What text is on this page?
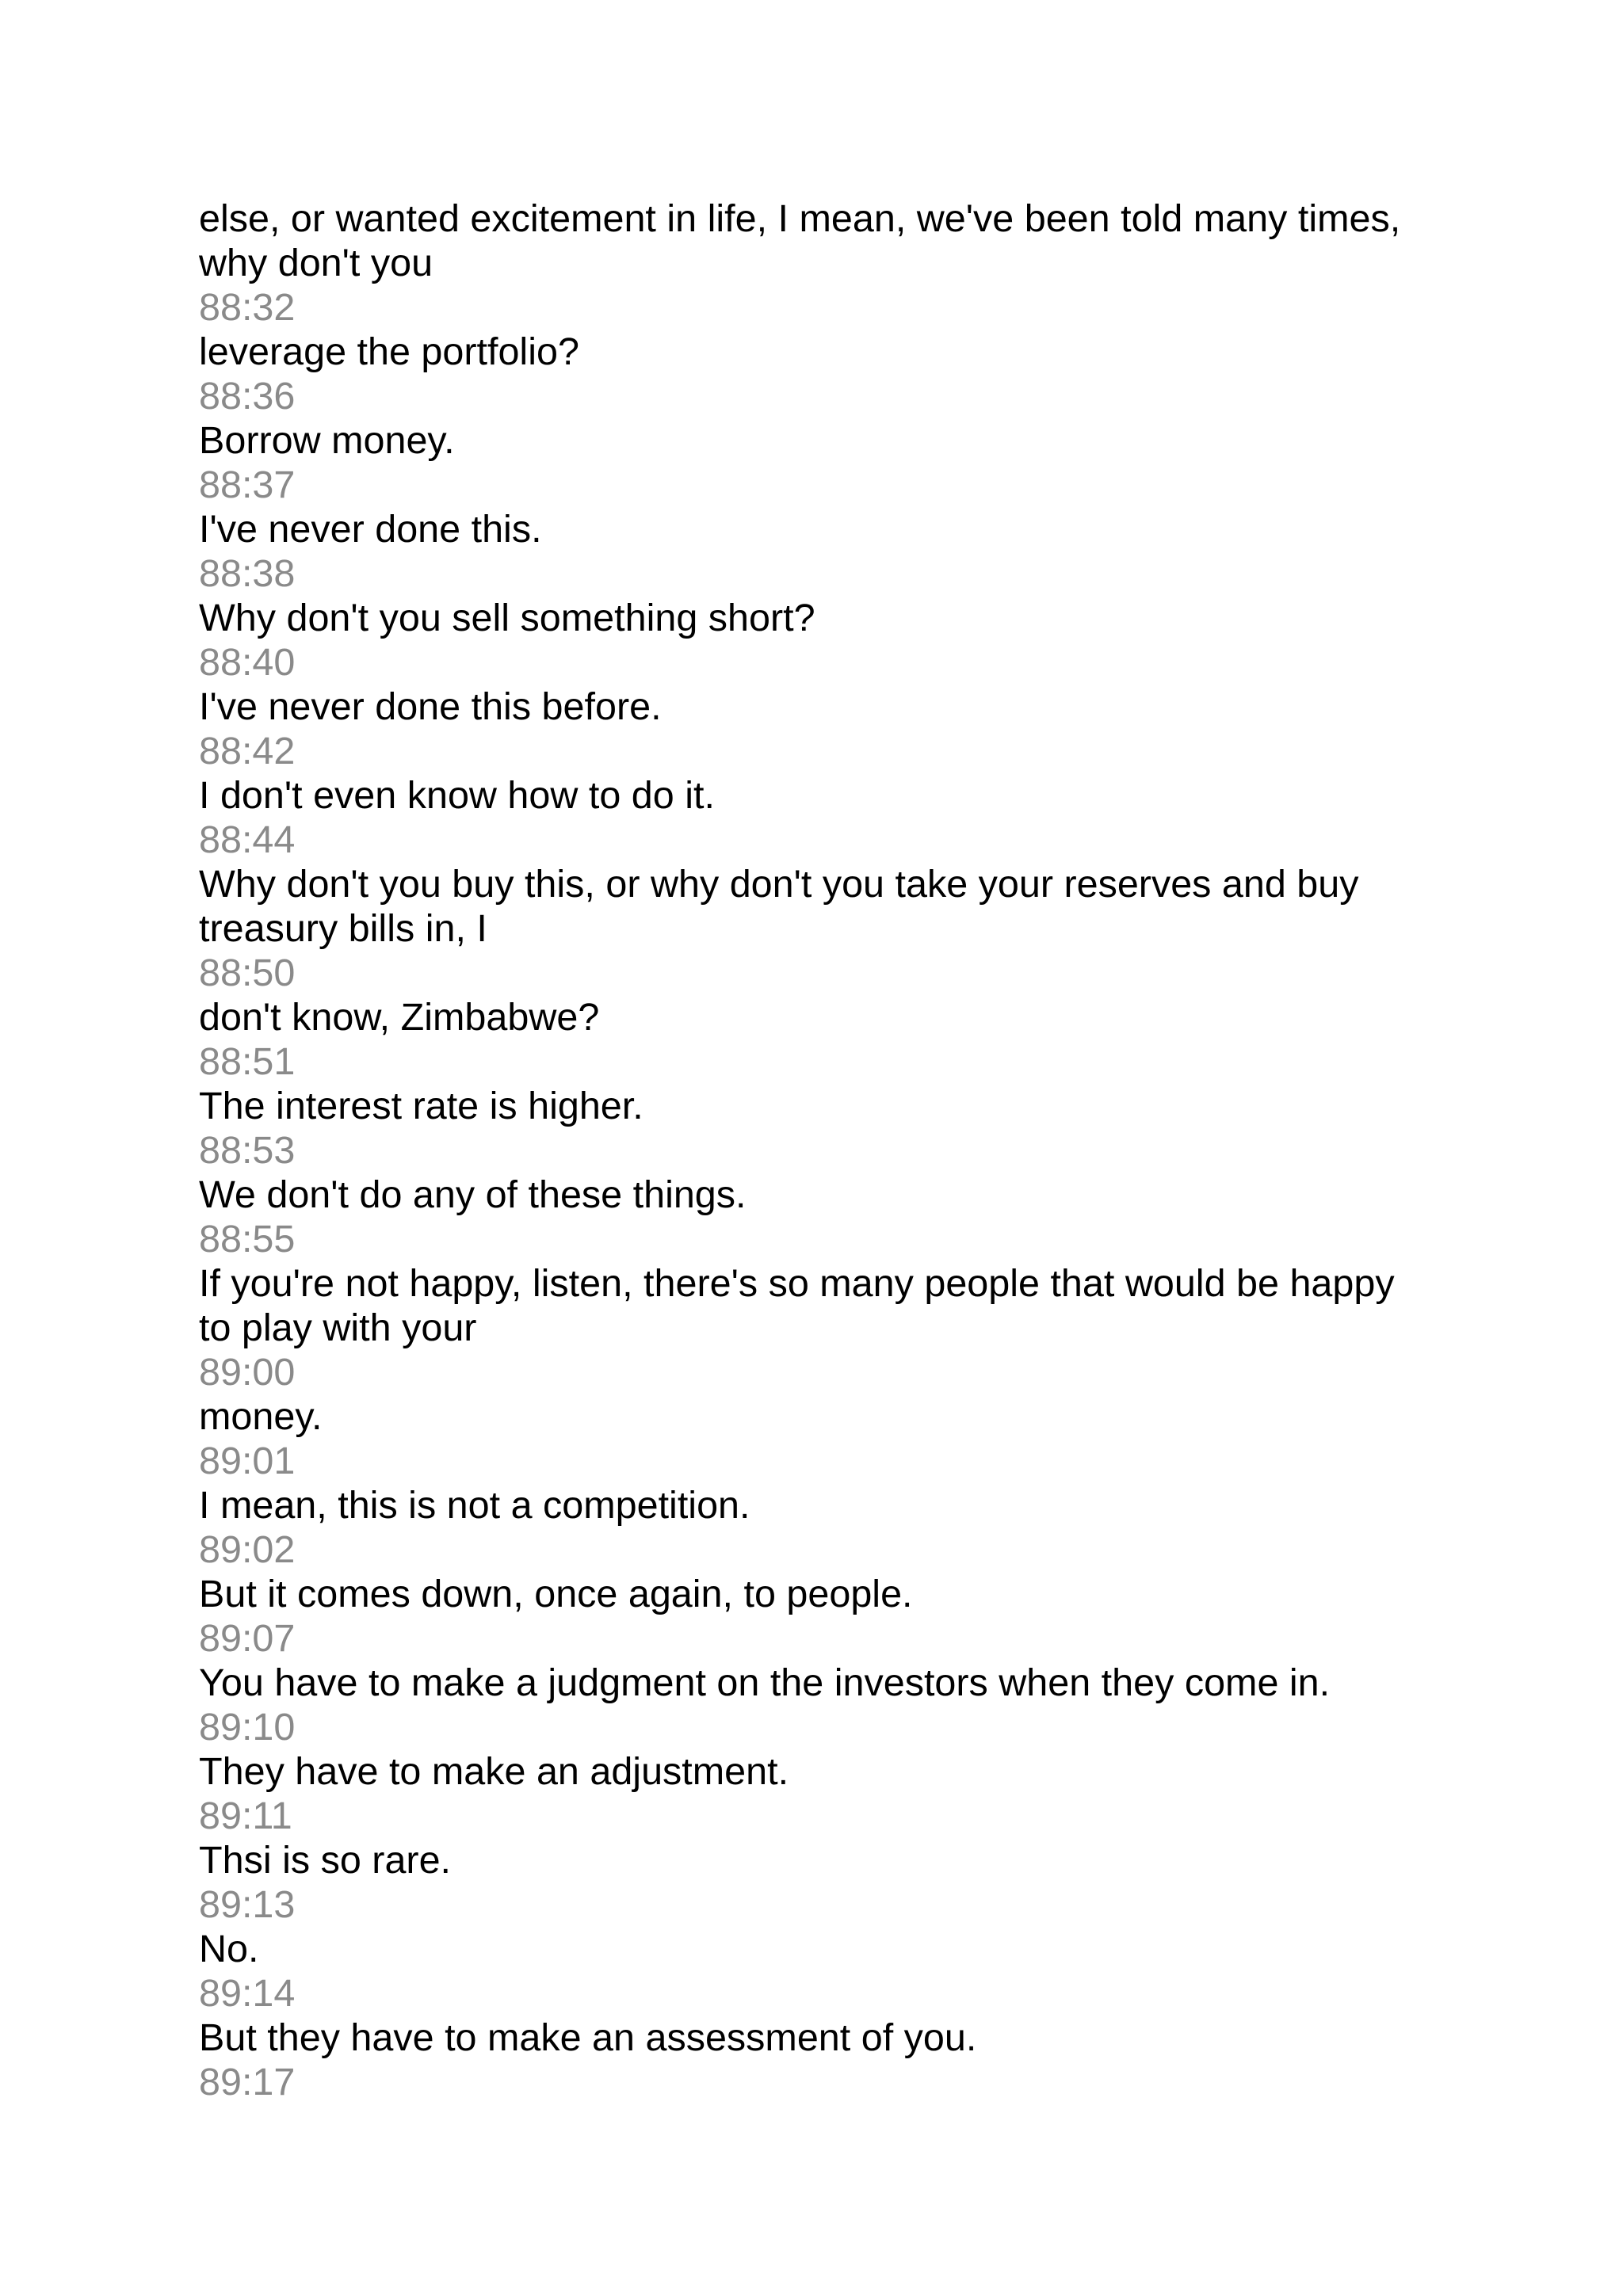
else, or wanted excitement in life, I mean, we've been told many times,
why don't you
88:32
leverage the portfolio?
88:36
Borrow money.
88:37
I've never done this.
88:38
Why don't you sell something short?
88:40
I've never done this before.
88:42
I don't even know how to do it.
88:44
Why don't you buy this, or why don't you take your reserves and buy
treasury bills in, I
88:50
don't know, Zimbabwe?
88:51
The interest rate is higher.
88:53
We don't do any of these things.
88:55
If you're not happy, listen, there's so many people that would be happy
to play with your
89:00
money.
89:01
I mean, this is not a competition.
89:02
But it comes down, once again, to people.
89:07
You have to make a judgment on the investors when they come in.
89:10
They have to make an adjustment.
89:11
Thsi is so rare.
89:13
No.
89:14
But they have to make an assessment of you.
89:17
